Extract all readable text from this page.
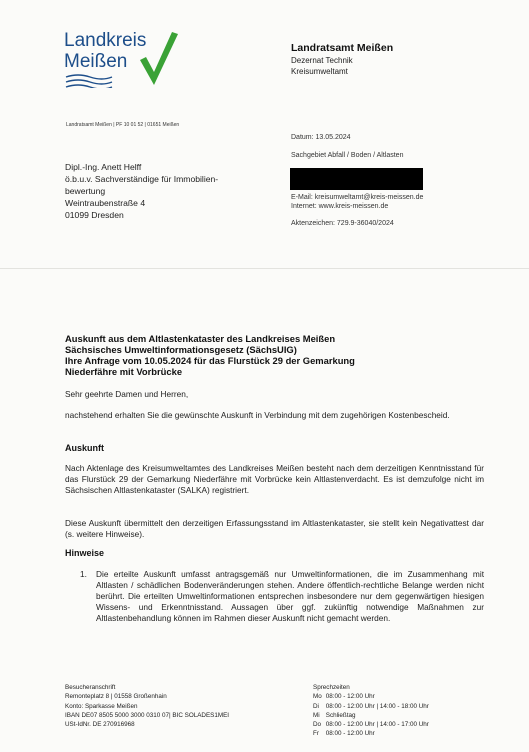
Landkreis
Meißen
Landratsamt Meißen
Dezernat Technik
Kreisumweltamt
Landratsamt Meißen | PF 10 01 52 | 01651 Meißen
Datum: 13.05.2024
Sachgebiet Abfall / Boden / Altlasten
E-Mail: kreisumweltamt@kreis-meissen.de
Internet: www.kreis-meissen.de
Aktenzeichen: 729.9-36040/2024
Dipl.-Ing. Anett Helff
ö.b.u.v. Sachverständige für Immobilien-
bewertung
Weintraubenstraße 4
01099 Dresden
Auskunft aus dem Altlastenkataster des Landkreises Meißen
Sächsisches Umweltinformationsgesetz (SächsUIG)
Ihre Anfrage vom 10.05.2024 für das Flurstück 29 der Gemarkung
Niederfähre mit Vorbrücke
Sehr geehrte Damen und Herren,
nachstehend erhalten Sie die gewünschte Auskunft in Verbindung mit dem zugehörigen Kostenbescheid.
Auskunft
Nach Aktenlage des Kreisumweltamtes des Landkreises Meißen besteht nach dem derzeitigen Kenntnisstand für das Flurstück 29 der Gemarkung Niederfähre mit Vorbrücke kein Altlastenverdacht. Es ist demzufolge nicht im Sächsischen Altlastenkataster (SALKA) registriert.
Diese Auskunft übermittelt den derzeitigen Erfassungsstand im Altlastenkataster, sie stellt kein Negativattest dar (s. weitere Hinweise).
Hinweise
1. Die erteilte Auskunft umfasst antragsgemäß nur Umweltinformationen, die im Zusammenhang mit Altlasten / schädlichen Bodenveränderungen stehen. Andere öffentlich-rechtliche Belange werden nicht berührt. Die erteilten Umweltinformationen entsprechen insbesondere nur dem gegenwärtigen hiesigen Wissens- und Erkenntnisstand. Aussagen über ggf. zukünftig notwendige Maßnahmen zur Altlastenbehandlung können im Rahmen dieser Auskunft nicht gemacht werden.
Besucheranschrift
Remonteplatz 8 | 01558 Großenhain
Konto: Sparkasse Meißen
IBAN DE07 8505 5000 3000 0310 07| BIC SOLADES1MEI
USt-IdNr. DE 270916968
Sprechzeiten
Mo	08:00 - 12:00 Uhr
Di	08:00 - 12:00 Uhr | 14:00 - 18:00 Uhr
Mi	Schließtag
Do	08:00 - 12:00 Uhr | 14:00 - 17:00 Uhr
Fr	08:00 - 12:00 Uhr
